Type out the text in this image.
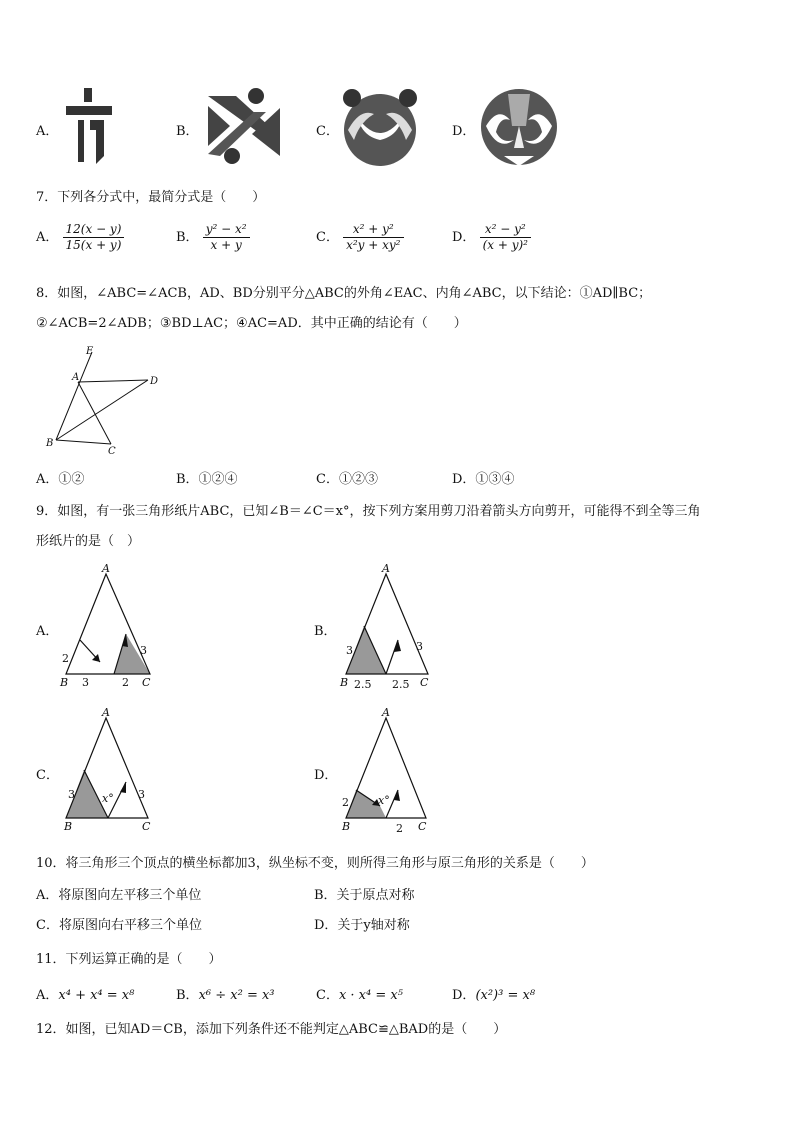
A．	B．	C．	D．
7．下列各分式中，最简分式是（　　）
A． $\frac{12(x - y)}{15(x + y)}$	B． $\frac{\text{y² − x²}}{x + y}$	C． $\frac{\text{x² + y²}}{\text{x²y + xy²}}$	D． $\frac{\text{x² − y²}}{\text{(x + y)²}}$
8．如图，∠ABC=∠ACB，AD、BD分别平分△ABC的外角∠EAC、内角∠ABC，以下结论：①AD∥BC；
②∠ACB=2∠ADB；③BD⊥AC；④AC=AD．其中正确的结论有（　　）
E
A	D
B
C
A．①②	B．①②④	C．①②③	D．①③④
9．如图，有一张三角形纸片ABC，已知∠B＝∠C＝x°，按下列方案用剪刀沿着箭头方向剪开，可能得不到全等三角
形纸片的是（　）
A．
A
B	C
2
3	2
3
B．
A
B	C
3
2.5 2.5
3
C．
A
B	C
3 x° 3
D．
A
B	C
2	x°
2
10．将三角形三个顶点的横坐标都加3，纵坐标不变，则所得三角形与原三角形的关系是（　　）
A．将原图向左平移三个单位	B．关于原点对称
C．将原图向右平移三个单位	D．关于y轴对称
11．下列运算正确的是（　　）
A．x⁴ + x⁴ = x⁸	B．x⁶ ÷ x² = x³	C．x · x⁴ = x⁵	D．(x²)³ = x⁸
12．如图，已知AD＝CB，添加下列条件还不能判定△ABC≌△BAD的是（　　）
